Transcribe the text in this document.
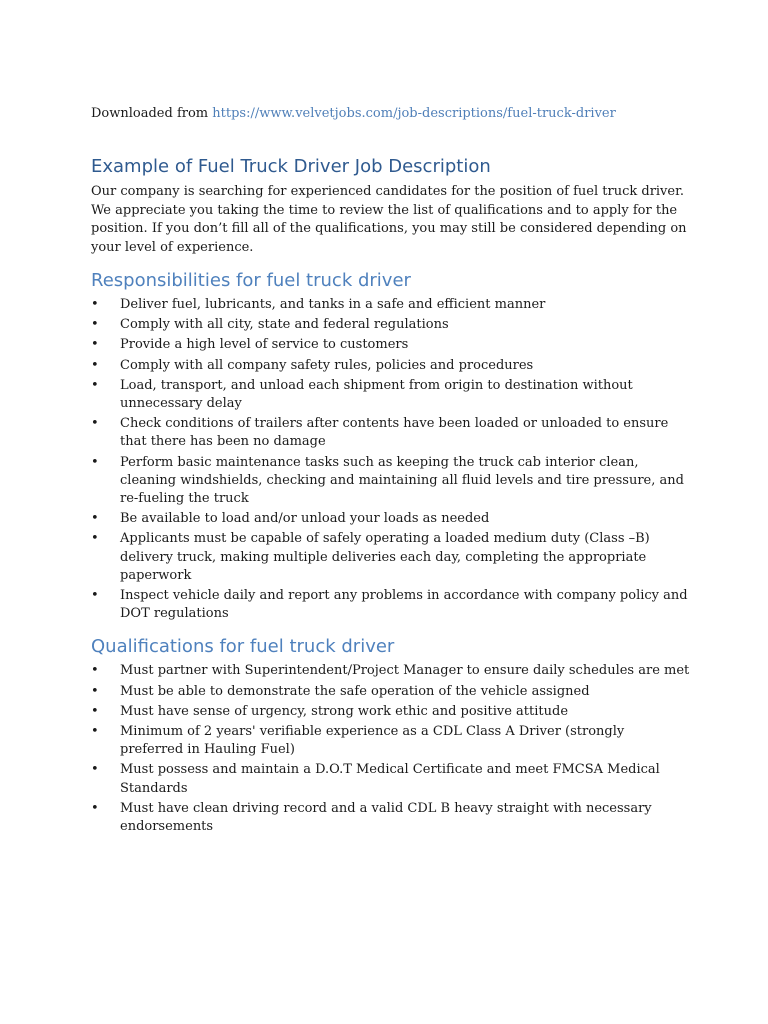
Downloaded from https://www.velvetjobs.com/job-descriptions/fuel-truck-driver

Example of Fuel Truck Driver Job Description

Our company is searching for experienced candidates for the position of fuel truck driver. We appreciate you taking the time to review the list of qualifications and to apply for the position. If you don’t fill all of the qualifications, you may still be considered depending on your level of experience.

Responsibilities for fuel truck driver
• Deliver fuel, lubricants, and tanks in a safe and efficient manner
• Comply with all city, state and federal regulations
• Provide a high level of service to customers
• Comply with all company safety rules, policies and procedures
• Load, transport, and unload each shipment from origin to destination without unnecessary delay
• Check conditions of trailers after contents have been loaded or unloaded to ensure that there has been no damage
• Perform basic maintenance tasks such as keeping the truck cab interior clean, cleaning windshields, checking and maintaining all fluid levels and tire pressure, and re-fueling the truck
• Be available to load and/or unload your loads as needed
• Applicants must be capable of safely operating a loaded medium duty (Class –B) delivery truck, making multiple deliveries each day, completing the appropriate paperwork
• Inspect vehicle daily and report any problems in accordance with company policy and DOT regulations
Qualifications for fuel truck driver
• Must partner with Superintendent/Project Manager to ensure daily schedules are met
• Must be able to demonstrate the safe operation of the vehicle assigned
• Must have sense of urgency, strong work ethic and positive attitude
• Minimum of 2 years' verifiable experience as a CDL Class A Driver (strongly preferred in Hauling Fuel)
• Must possess and maintain a D.O.T Medical Certificate and meet FMCSA Medical Standards
• Must have clean driving record and a valid CDL B heavy straight with necessary endorsements
